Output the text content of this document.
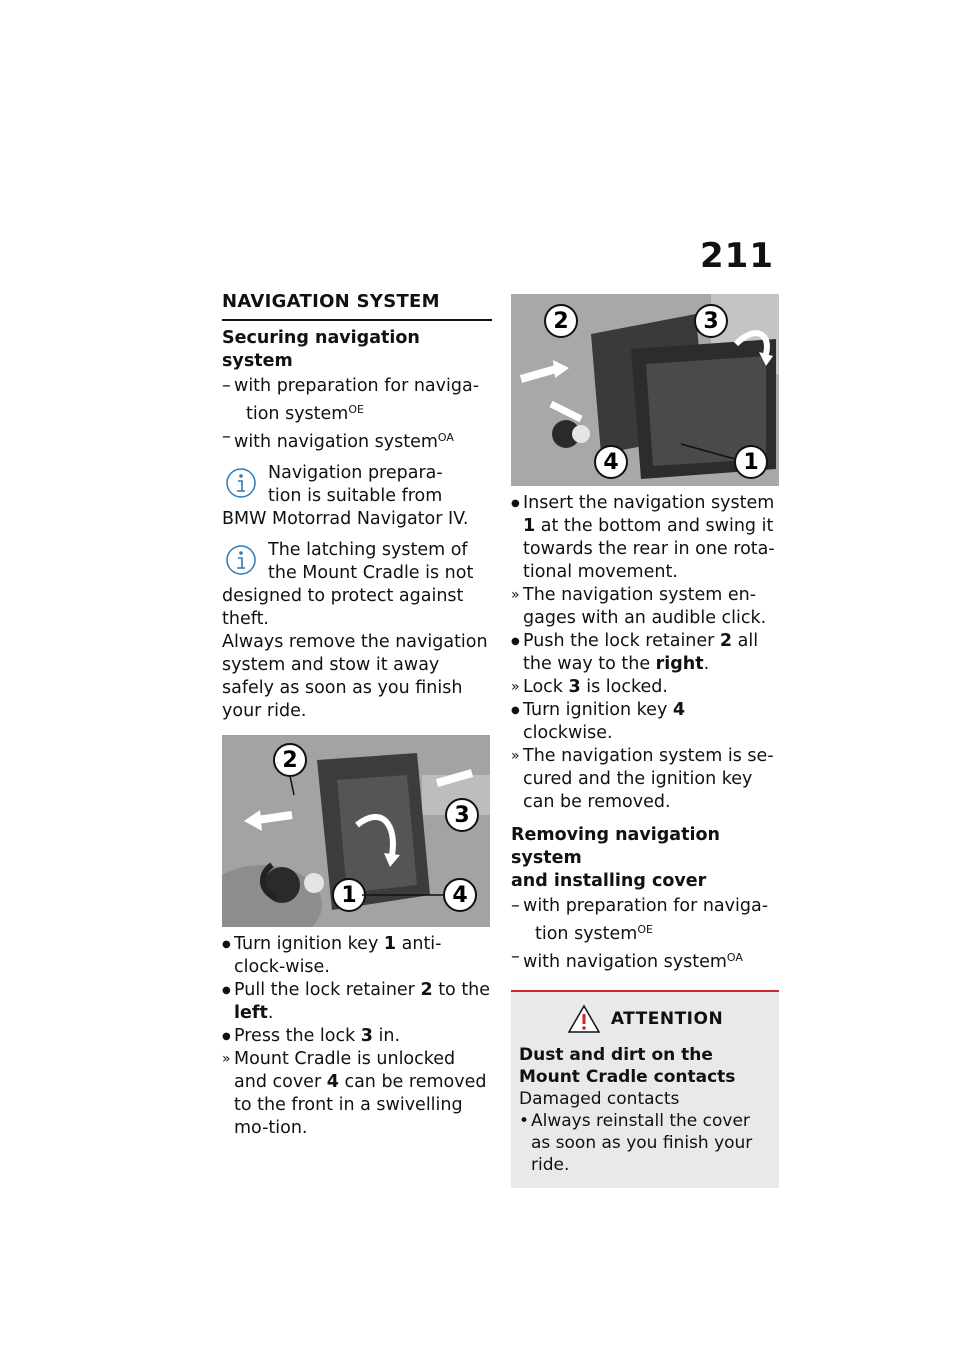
211
NAVIGATION SYSTEM
Securing navigation system
– with preparation for naviga-
tion system$^{OE}$
– with navigation system$^{OA}$
Navigation prepara-
tion is suitable from
BMW Motorrad Navigator IV.
The latching system of
the Mount Cradle is not
designed to protect against theft.
Always remove the navigation system and stow it away safely as soon as you finish your ride.
2
3
1	4
● Turn ignition key 1 anti-clock-wise.
● Pull the lock retainer 2 to the left.
● Press the lock 3 in.
» Mount Cradle is unlocked and cover 4 can be removed to the front in a swivelling mo-tion.
2	3
4	1
● Insert the navigation system 1 at the bottom and swing it towards the rear in one rota-tional movement.
» The navigation system en-gages with an audible click.
● Push the lock retainer 2 all the way to the right.
» Lock 3 is locked.
● Turn ignition key 4 clockwise.
» The navigation system is se-cured and the ignition key can be removed.
Removing navigation system
and installing cover
– with preparation for naviga-
tion system$^{OE}$
– with navigation system$^{OA}$
ATTENTION
Dust and dirt on the
Mount Cradle contacts
Damaged contacts
• Always reinstall the cover as soon as you finish your ride.
